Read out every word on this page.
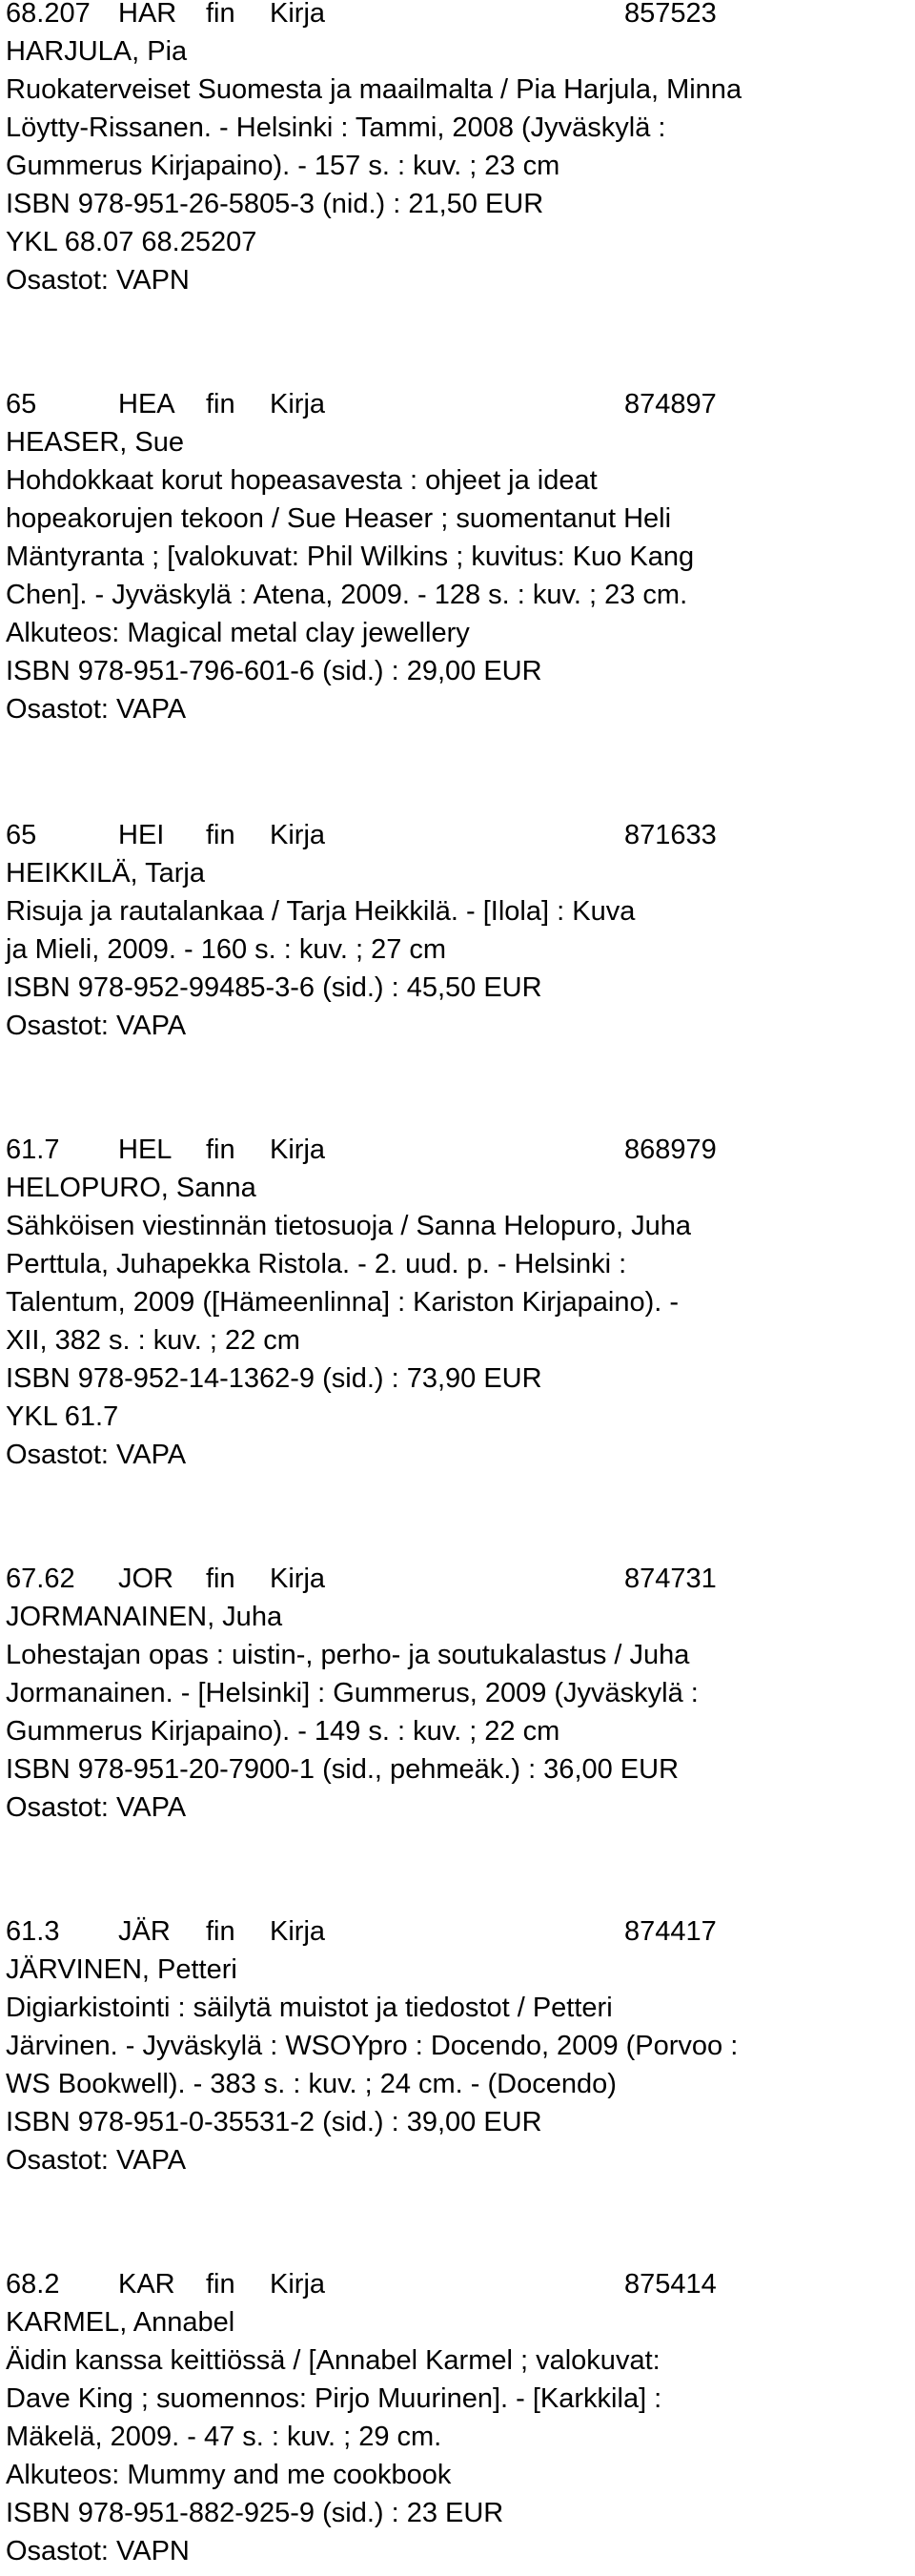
68.207 HAR fin Kirja	857523
HARJULA, Pia
Ruokaterveiset Suomesta ja maailmalta / Pia Harjula, Minna
Löytty-Rissanen. - Helsinki : Tammi, 2008 (Jyväskylä :
Gummerus Kirjapaino). - 157 s. : kuv. ; 23 cm
ISBN 978-951-26-5805-3 (nid.) : 21,50 EUR
YKL 68.07 68.25207
Osastot: VAPN
65	HEA fin Kirja	874897
HEASER, Sue
Hohdokkaat korut hopeasavesta : ohjeet ja ideat
hopeakorujen tekoon / Sue Heaser ; suomentanut Heli
Mäntyranta ; [valokuvat: Phil Wilkins ; kuvitus: Kuo Kang
Chen]. - Jyväskylä : Atena, 2009. - 128 s. : kuv. ; 23 cm.
Alkuteos: Magical metal clay jewellery
ISBN 978-951-796-601-6 (sid.) : 29,00 EUR
Osastot: VAPA
65	HEI fin Kirja	871633
HEIKKILÄ, Tarja
Risuja ja rautalankaa / Tarja Heikkilä. - [Ilola] : Kuva
ja Mieli, 2009. - 160 s. : kuv. ; 27 cm
ISBN 978-952-99485-3-6 (sid.) : 45,50 EUR
Osastot: VAPA
61.7 HEL fin Kirja	868979
HELOPURO, Sanna
Sähköisen viestinnän tietosuoja / Sanna Helopuro, Juha
Perttula, Juhapekka Ristola. - 2. uud. p. - Helsinki :
Talentum, 2009 ([Hämeenlinna] : Kariston Kirjapaino). -
XII, 382 s. : kuv. ; 22 cm
ISBN 978-952-14-1362-9 (sid.) : 73,90 EUR
YKL 61.7
Osastot: VAPA
67.62 JOR fin Kirja	874731
JORMANAINEN, Juha
Lohestajan opas : uistin-, perho- ja soutukalastus / Juha
Jormanainen. - [Helsinki] : Gummerus, 2009 (Jyväskylä :
Gummerus Kirjapaino). - 149 s. : kuv. ; 22 cm
ISBN 978-951-20-7900-1 (sid., pehmeäk.) : 36,00 EUR
Osastot: VAPA
61.3 JÄR fin Kirja	874417
JÄRVINEN, Petteri
Digiarkistointi : säilytä muistot ja tiedostot / Petteri
Järvinen. - Jyväskylä : WSOYpro : Docendo, 2009 (Porvoo :
WS Bookwell). - 383 s. : kuv. ; 24 cm. - (Docendo)
ISBN 978-951-0-35531-2 (sid.) : 39,00 EUR
Osastot: VAPA
68.2 KAR fin Kirja	875414
KARMEL, Annabel
Äidin kanssa keittiössä / [Annabel Karmel ; valokuvat:
Dave King ; suomennos: Pirjo Muurinen]. - [Karkkila] :
Mäkelä, 2009. - 47 s. : kuv. ; 29 cm.
Alkuteos: Mummy and me cookbook
ISBN 978-951-882-925-9 (sid.) : 23 EUR
Osastot: VAPN
